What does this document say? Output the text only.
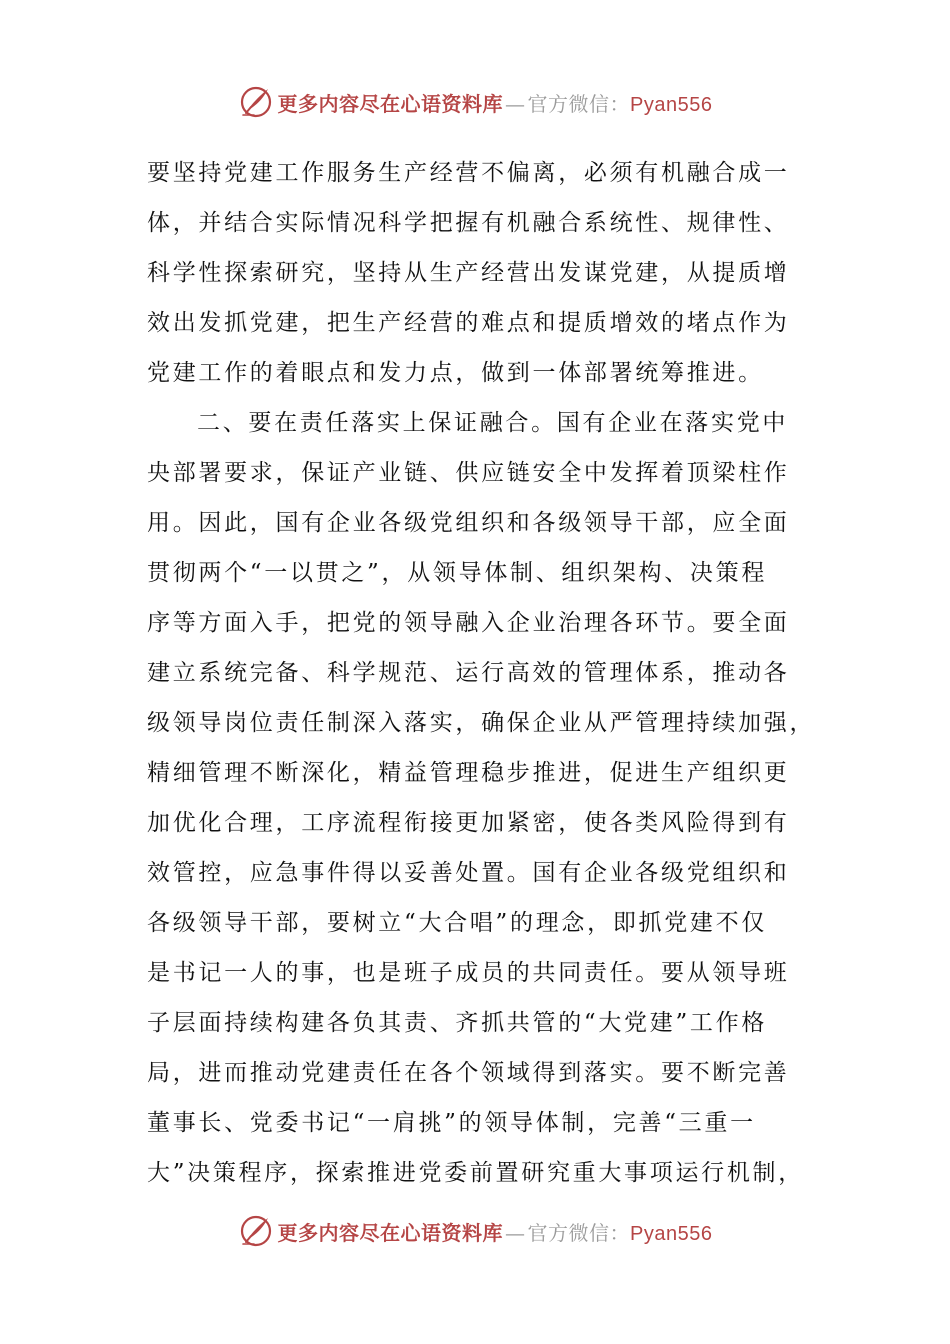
更多内容尽在心语资料库 — 官方微信：Pyan556
要坚持党建工作服务生产经营不偏离，必须有机融合成一
体，并结合实际情况科学把握有机融合系统性、规律性、
科学性探索研究，坚持从生产经营出发谋党建，从提质增
效出发抓党建，把生产经营的难点和提质增效的堵点作为
党建工作的着眼点和发力点，做到一体部署统筹推进。
二、要在责任落实上保证融合。国有企业在落实党中
央部署要求，保证产业链、供应链安全中发挥着顶梁柱作
用。因此，国有企业各级党组织和各级领导干部，应全面
贯彻两个“一以贯之”，从领导体制、组织架构、决策程
序等方面入手，把党的领导融入企业治理各环节。要全面
建立系统完备、科学规范、运行高效的管理体系，推动各
级领导岗位责任制深入落实，确保企业从严管理持续加强，
精细管理不断深化，精益管理稳步推进，促进生产组织更
加优化合理，工序流程衔接更加紧密，使各类风险得到有
效管控，应急事件得以妥善处置。国有企业各级党组织和
各级领导干部，要树立“大合唱”的理念，即抓党建不仅
是书记一人的事，也是班子成员的共同责任。要从领导班
子层面持续构建各负其责、齐抓共管的“大党建”工作格
局，进而推动党建责任在各个领域得到落实。要不断完善
董事长、党委书记“一肩挑”的领导体制，完善“三重一
大”决策程序，探索推进党委前置研究重大事项运行机制，
更多内容尽在心语资料库 — 官方微信：Pyan556
